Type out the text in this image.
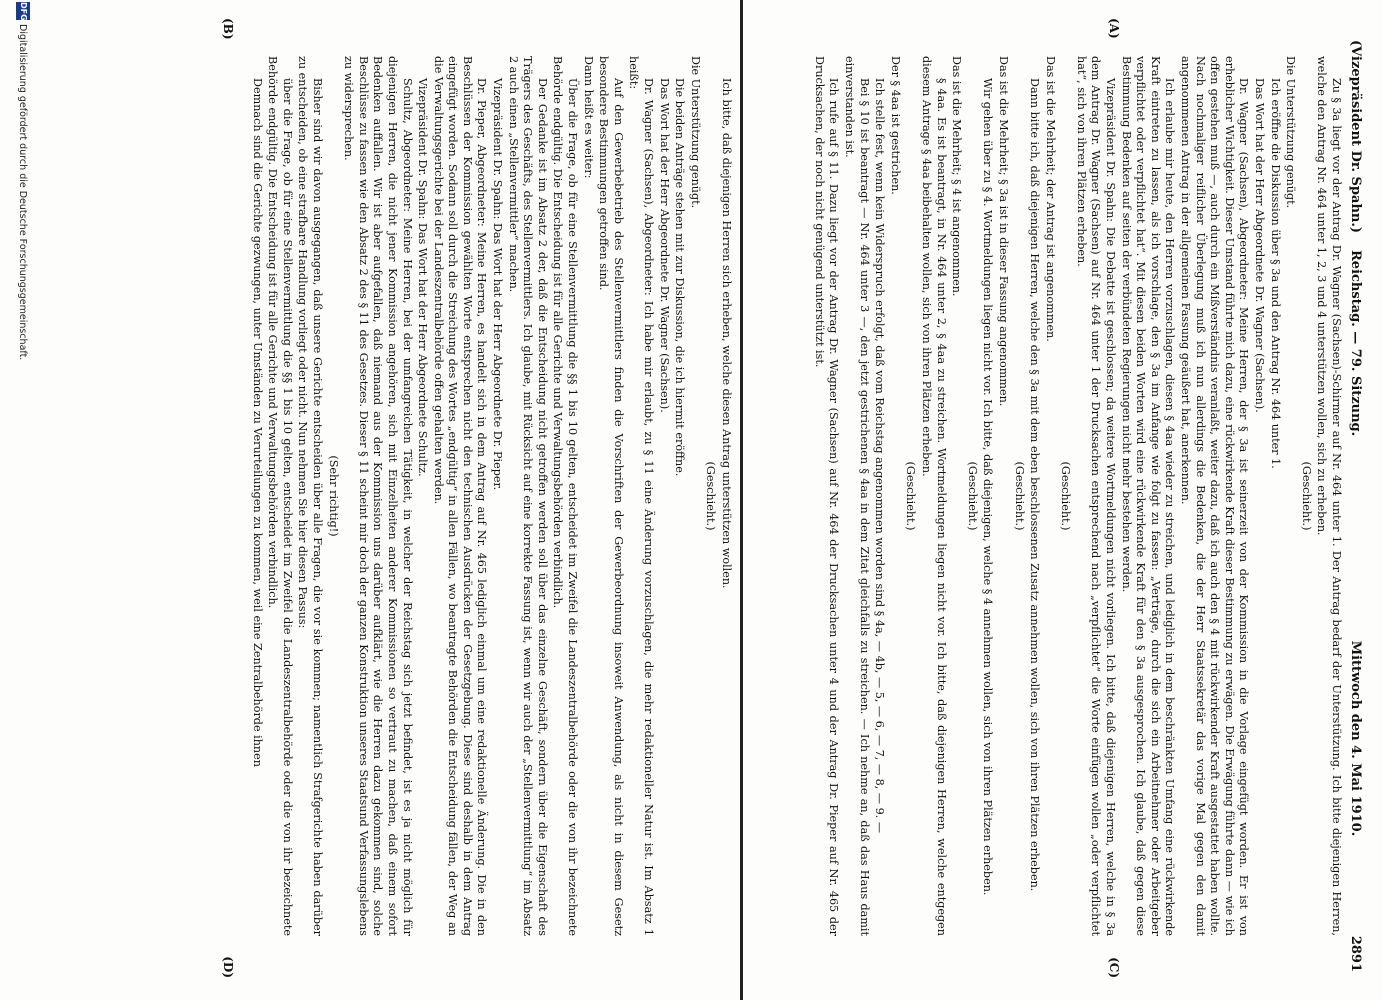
(Vizepräsident Dr. Spahn.)
Reichstag. — 79. Sitzung.
Mittwoch den 4. Mai 1910.                      2891
(A)
(B)
(C)
(D)

Zu § 3a liegt vor der Antrag Dr. Wagner (Sachsen)-Schirmer auf Nr. 464 unter 1. Der Antrag bedarf der Unterstützung. Ich bitte diejenigen Herren, welche den Antrag Nr. 464 unter 1, 2, 3 und 4 unterstützen wollen, sich zu erheben.

(Geschieht.)

Die Unterstützung genügt.

Ich eröffne die Diskussion über § 3a und den Antrag Nr. 464 unter 1.

Das Wort hat der Herr Abgeordnete Dr. Wagner (Sachsen).

Dr. Wagner (Sachsen), Abgeordneter: Meine Herren, der § 3a ist seinerzeit von der Kommission in die Vorlage eingefügt worden. Er ist von erheblicher Wichtigkeit. Dieser Umstand führte mich dazu, eine rückwirkende Kraft dieser Bestimmung zu erwägen. Die Erwägung führte dann — wie ich offen gestehen muß —, auch durch ein Mißverständnis veranlaßt, weiter dazu, daß ich auch den § 4 mit rückwirkender Kraft ausgestattet haben wollte. Nach nochmaliger reiflicher Überlegung muß ich nun allerdings die Bedenken, die der Herr Staatssekretär das vorige Mal gegen den damit angenommenen Antrag in der allgemeinen Fassung geäußert hat, anerkennen.

Ich erlaube mir heute, den Herren vorzuschlagen, diesen § 4aa wieder zu streichen, und lediglich in dem beschränkten Umfang eine rückwirkende Kraft eintreten zu lassen, als ich vorschlage, den § 3a im Anfange wie folgt zu fassen: „Verträge, durch die sich ein Arbeitnehmer oder Arbeitgeber verpflichtet oder verpflichtet hat“. Mit diesen beiden Worten wird eine rückwirkende Kraft für den § 3a ausgesprochen. Ich glaube, daß gegen diese Bestimmung Bedenken auf seiten der verbündeten Regierungen nicht mehr bestehen werden.

Vizepräsident Dr. Spahn: Die Debatte ist geschlossen; da weitere Wortmeldungen nicht vorliegen. Ich bitte, daß diejenigen Herren, welche in § 3a dem Antrag Dr. Wagner (Sachsen) auf Nr. 464 unter 1 der Drucksachen entsprechend nach „verpflichtet“ die Worte einfügen wollen „oder verpflichtet hat“, sich von ihren Plätzen erheben.

(Geschieht.)

Das ist die Mehrheit; der Antrag ist angenommen.

Dann bitte ich, daß diejenigen Herren, welche den § 3a mit dem eben beschlossenen Zusatz annehmen wollen, sich von ihren Plätzen erheben.

(Geschieht.)

Das ist die Mehrheit; § 3a ist in dieser Fassung angenommen.

Wir gehen über zu § 4. Wortmeldungen liegen nicht vor. Ich bitte, daß diejenigen, welche § 4 annehmen wollen, sich von ihren Plätzen erheben.

(Geschieht.)

Das ist die Mehrheit; § 4 ist angenommen.

§ 4aa. Es ist beantragt, in Nr. 464 unter 2, § 4aa zu streichen. Wortmeldungen liegen nicht vor. Ich bitte, daß diejenigen Herren, welche entgegen diesem Antrage § 4aa beibehalten wollen, sich von ihren Plätzen erheben.

(Geschieht.)

Der § 4aa ist gestrichen.

Ich stelle fest, wenn kein Widerspruch erfolgt, daß vom Reichstag angenommen worden sind § 4a, — 4b, — 5, — 6, — 7, — 8, — 9. —

Bei § 10 ist beantragt — Nr. 464 unter 3 —, den jetzt gestrichenen § 4aa in dem Zitat gleichfalls zu streichen. — Ich nehme an, daß das Haus damit einverstanden ist.

Ich rufe auf § 11. Dazu liegt vor der Antrag Dr. Wagner (Sachsen) auf Nr. 464 der Drucksachen unter 4 und der Antrag Dr. Pieper auf Nr. 465 der Drucksachen, der noch nicht genügend unterstützt ist.

Ich bitte, daß diejenigen Herren sich erheben, welche diesen Antrag unterstützen wollen.

(Geschieht.)

Die Unterstützung genügt.

Die beiden Anträge stehen mit zur Diskussion, die ich hiermit eröffne.

Das Wort hat der Herr Abgeordnete Dr. Wagner (Sachsen).

Dr. Wagner (Sachsen), Abgeordneter: Ich habe mir erlaubt, zu § 11 eine Änderung vorzuschlagen, die mehr redaktioneller Natur ist. Im Absatz 1 heißt:

Auf den Gewerbebetrieb des Stellenvermittlers finden die Vorschriften der Gewerbeordnung insoweit Anwendung, als nicht in diesem Gesetz besondere Bestimmungen getroffen sind.

Dann heißt es weiter:

Über die Frage, ob für eine Stellenvermittlung die §§ 1 bis 10 gelten, entscheidet im Zweifel die Landeszentralbehörde oder die von ihr bezeichnete Behörde endgültig. Die Entscheidung ist für alle Gerichte und Verwaltungsbehörden verbindlich.

Der Gedanke ist im Absatz 2 der, daß die Entscheidung nicht getroffen werden soll über das einzelne Geschäft, sondern über die Eigenschaft des Trägers des Geschäfts, des Stellenvermittlers. Ich glaube, mit Rücksicht auf eine korrekte Fassung ist, wenn wir auch der „Stellenvermittlung“ im Absatz 2 auch einen „Stellenvermittler“ machen.

Vizepräsident Dr. Spahn: Das Wort hat der Herr Abgeordnete Dr. Pieper.

Dr. Pieper, Abgeordneter: Meine Herren, es handelt sich in dem Antrag auf Nr. 465 lediglich einmal um eine redaktionelle Änderung. Die in den Beschlüssen der Kommission gewählten Worte entsprechen nicht den technischen Ausdrücken der Gesetzgebung. Diese sind deshalb in dem Antrag eingefügt worden. Sodann soll durch die Streichung des Wortes „endgültig“ in allen Fällen, wo beantragte Behörden die Entscheidung fällen, der Weg an die Verwaltungsgerichte bei der Landeszentralbehörde offen gehalten werden.

Vizepräsident Dr. Spahn: Das Wort hat der Herr Abgeordnete Schultz.

Schultz, Abgeordneter: Meine Herren, bei der umfangreichen Tätigkeit, in welcher der Reichstag sich jetzt befindet, ist es ja nicht möglich für diejenigen Herren, die nicht jener Kommission angehören, sich mit Einzelheiten anderer Kommissionen so vertraut zu machen, daß einem sofort Bedenken auffallen. Wir ist aber aufgefallen, daß niemand aus der Kommission uns darüber aufklärt, wie die Herren dazu gekommen sind, solche Beschlüsse zu fassen wie den Absatz 2 des § 11 des Gesetzes. Dieser § 11 scheint mir doch der ganzen Konstruktion unseres Staatsund Verfassungslebens zu widersprechen.

(Sehr richtig!)

Bisher sind wir davon ausgegangen, daß unsere Gerichte entscheiden über alle Fragen, die vor sie kommen; namentlich Strafgerichte haben darüber zu entscheiden, ob eine strafbare Handlung vorliegt oder nicht. Nun nehmen Sie hier diesen Passus:

über die Frage, ob für eine Stellenvermittlung die §§ 1 bis 10 gelten, entscheidet im Zweifel die Landeszentralbehörde oder die von ihr bezeichnete Behörde endgültig. Die Entscheidung ist für alle Gerichte und Verwaltungsbehörden verbindlich.

Demnach sind die Gerichte gezwungen, unter Umständen zu Verurteilungen zu kommen, weil eine Zentralbehörde ihnen

DFG
Digitalisierung gefördert durch die Deutsche Forschungsgemeinschaft.
